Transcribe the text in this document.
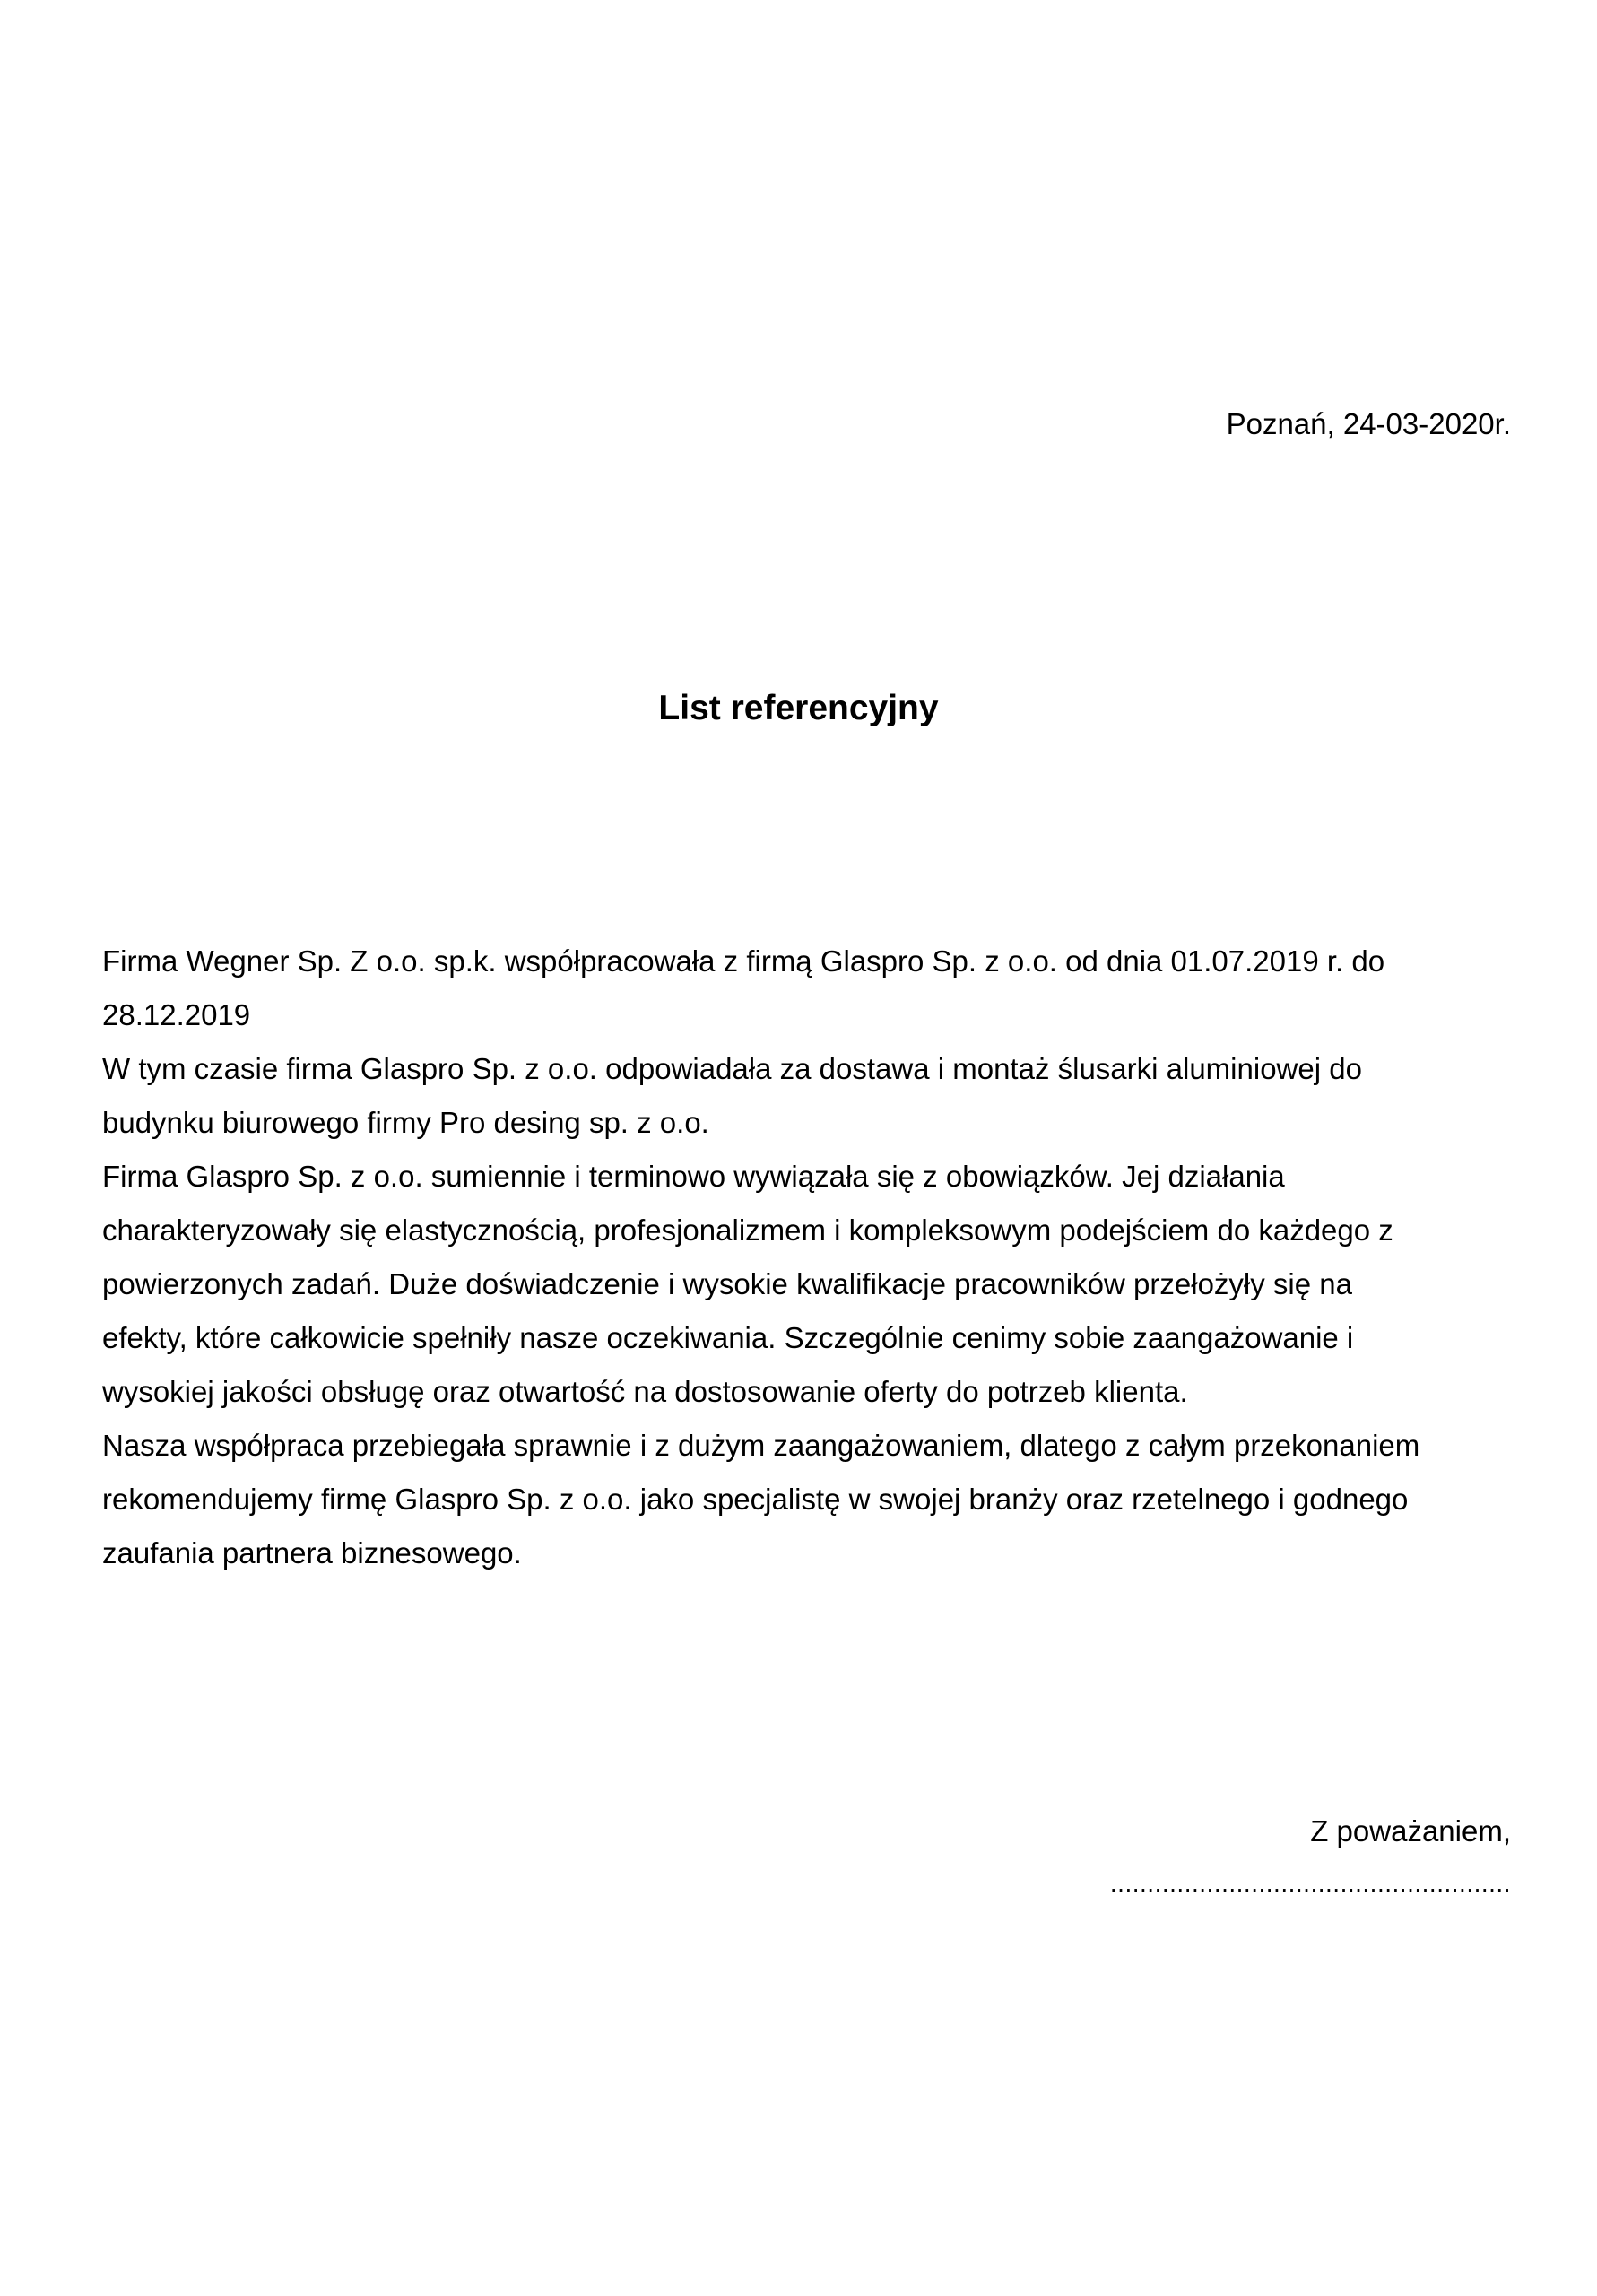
Poznań, 24-03-2020r.
List referencyjny
Firma Wegner Sp. Z o.o. sp.k. współpracowała z firmą Glaspro Sp. z o.o. od dnia 01.07.2019 r. do
28.12.2019
W tym czasie firma Glaspro Sp. z o.o. odpowiadała za dostawa i montaż ślusarki aluminiowej do
budynku biurowego firmy Pro desing sp. z o.o.
Firma Glaspro Sp. z o.o. sumiennie i terminowo wywiązała się z obowiązków. Jej działania
charakteryzowały się elastycznością, profesjonalizmem i kompleksowym podejściem do każdego z
powierzonych zadań. Duże doświadczenie i wysokie kwalifikacje pracowników przełożyły się na
efekty, które całkowicie spełniły nasze oczekiwania. Szczególnie cenimy sobie zaangażowanie i
wysokiej jakości obsługę oraz otwartość na dostosowanie oferty do potrzeb klienta.
Nasza współpraca przebiegała sprawnie i z dużym zaangażowaniem, dlatego z całym przekonaniem
rekomendujemy firmę Glaspro Sp. z o.o. jako specjalistę w swojej branży oraz rzetelnego i godnego
zaufania partnera biznesowego.
Z poważaniem,
......................................................
